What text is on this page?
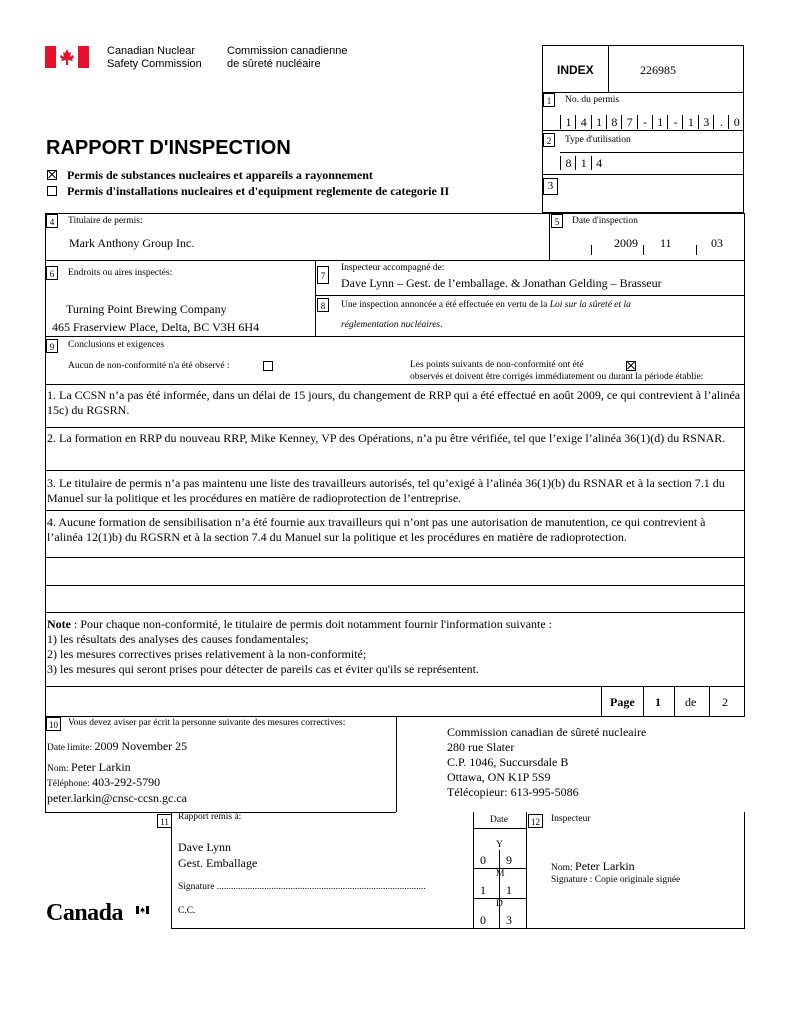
Canadian Nuclear
Safety Commission
Commission canadienne
de sûreté nucléaire
RAPPORT D'INSPECTION
Permis de substances nucleaires et appareils a rayonnement
Permis d'installations nucleaires et d'equipment reglemente de categorie II
INDEX	226985
1	No. du permis
1 4 1 8 7 - 1 - 1 3 . 0
2	Type d'utilisation
8 1 4
3
4	Titulaire de permis:
Mark Anthony Group Inc.
5	Date d'inspection
2009 11	03
6	Endroits ou aires inspectés:
Turning Point Brewing Company
465 Fraserview Place, Delta, BC V3H 6H4
7
Inspecteur accompagné de:
Dave Lynn – Gest. de l’emballage. & Jonathan Gelding – Brasseur
8	Une inspection annoncée a été effectuée en vertu de la Loi sur la sûreté et la
réglementation nucléaires.
9	Conclusions et exigences
Aucun de non-conformité n'a été observé :	Les points suivants de non-conformité ont été
observés et doivent être corrigés immédiatement ou durant la période établie:
1. La CCSN n’a pas été informée, dans un délai de 15 jours, du changement de RRP qui a été effectué en août 2009, ce qui contrevient à l’alinéa 15c) du RGSRN.
2. La formation en RRP du nouveau RRP, Mike Kenney, VP des Opérations, n’a pu être vérifiée, tel que l’exige l’alinéa 36(1)(d) du RSNAR.
3. Le titulaire de permis n’a pas maintenu une liste des travailleurs autorisés, tel qu’exigé à l’alinéa 36(1)(b) du RSNAR et à la section 7.1 du Manuel sur la politique et les procédures en matière de radioprotection de l’entreprise.
4. Aucune formation de sensibilisation n’a été fournie aux travailleurs qui n’ont pas une autorisation de manutention, ce qui contrevient à l’alinéa 12(1)b) du RGSRN et à la section 7.4 du Manuel sur la politique et les procédures en matière de radioprotection.
Note : Pour chaque non-conformité, le titulaire de permis doit notamment fournir l'information suivante :
1) les résultats des analyses des causes fondamentales;
2) les mesures correctives prises relativement à la non-conformité;
3) les mesures qui seront prises pour détecter de pareils cas et éviter qu'ils se représentent.
Page 1 de 2
10	Vous devez aviser par écrit la personne suivante des mesures correctives:
Date limite: 2009 November 25
Nom: Peter Larkin
Téléphone: 403-292-5790
peter.larkin@cnsc-ccsn.gc.ca
Commission canadian de sûreté nucleaire
280 rue Slater
C.P. 1046, Succursdale B
Ottawa, ON K1P 5S9
Télécopieur: 613-995-5086
11 Rapport remis à:
Dave Lynn
Gest. Emballage
Signature ........................................................................................
C.C.
Date
Y
0 9
M
1 1
D
0 3
12	Inspecteur
Nom: Peter Larkin
Signature : Copie originale signée
Canada
